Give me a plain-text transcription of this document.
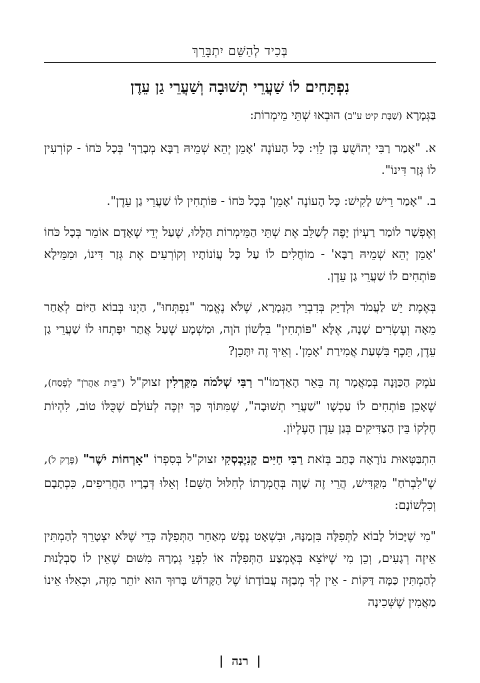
בְּכִיד לְהַשֵּׁם יִתְבָּרֵךְ
נִפְתָּחִים לוֹ שַׁעֲרֵי תְשׁוּבָה וְשַׁעֲרֵי גַן עֵדֶן

בַּגְּמָרָא (שַׁבָּת קיט ע"ב) הוּבְאוּ שְׁתֵּי מֵימְרוֹת:

א. "אָמַר רַבִּי יְהוֹשֻׁעַ בֶּן לֵוִי: כָּל הָעוֹנֶה 'אָמֵן יְהֵא שְׁמֵיהּ רַבָּא מְבָרַךְ' בְּכָל כֹּחוֹ - קוֹרְעִין לוֹ גְּזַר דִּינוֹ".

ב. "אָמַר רֵישׁ לָקִישׁ: כָּל הָעוֹנֶה 'אָמֵן' בְּכָל כֹּחוֹ - פּוֹתְחִין לוֹ שַׁעֲרֵי גַן עֵדֶן".

וְאֶפְשָׁר לוֹמַר רַעְיוֹן יָפֶה לְשַׁלֵּב אֶת שְׁתֵּי הַמֵּימְרוֹת הַלָּלוּ, שֶׁעַל יְדֵי שֶׁאָדָם אוֹמֵר בְּכָל כֹּחוֹ 'אָמֵן יְהֵא שְׁמֵיהּ רַבָּא' - מוֹחֲלִים לוֹ עַל כָּל עֲוֹנוֹתָיו וְקוֹרְעִים אֶת גְּזַר דִּינוֹ, וּמִמֵּילָא פּוֹתְחִים לוֹ שַׁעֲרֵי גַן עֵדֶן.

בְּאֶמֶת יֵשׁ לַעֲמֹד וּלְדַיֵּק בְּדִבְרֵי הַגְּמָרָא, שֶׁלֹּא נֶאֱמַר "נִפְתְּחוּ", הַיְנוּ בְּבוֹא הַיּוֹם לְאַחַר מֵאָה וְעֶשְׂרִים שָׁנָה, אֶלָּא "פּוֹתְחִין" בִּלְשׁוֹן הֹוֶה, וּמַשְׁמָע שֶׁעַל אֲתַר יִפָּתְחוּ לוֹ שַׁעֲרֵי גַן עֵדֶן, תֵּכֶף בִּשְׁעַת אֲמִירַת 'אָמֵן'. וְאֵיךְ זֶה יִתָּכֵן?

עֹמֶק הַכַּוָּנָה בְּמַאֲמָר זֶה בֵּאֵר הָאַדְמוֹ"ר רַבִּי שְׁלֹמֹה מִקַּרְלִין זצוק"ל ("בֵּית אַהֲרֹן" לְפֶסַח), שֶׁאָכֵן פּוֹתְחִים לוֹ עַכְשָׁו "שַׁעֲרֵי תְשׁוּבָה", שֶׁמִּתּוֹךְ כָּךְ יִזְכֶּה לְעוֹלָם שֶׁכֻּלּוֹ טוֹב, לִהְיוֹת חֶלְקוֹ בֵּין הַצַּדִּיקִים בְּגַן עֵדֶן הָעֶלְיוֹן.

הִתְבַּטְּאוּת נוֹרָאָה כָּתַב בְּזֹאת רַבִּי חַיִּים קָנִיֶבְסְקִי זצוק"ל בְּסִפְרוֹ "אָרְחוֹת יֹשֶׁר" (פֶּרֶק ל), שֶׁ"לִבְרֹחַ" מִקַּדִּישׁ, הֲרֵי זֶה שָׁוֶה בְּחֻמְרָתוֹ לְחִלּוּל הַשֵּׁם! וְאֵלּוּ דְּבָרָיו הַחֲרִיפִים, כִּכְתָבָם וְכִלְשׁוֹנָם:

"מִי שֶׁיָּכוֹל לָבוֹא לַתְּפִלָּה בִּזְמַנָּהּ, וּבִשְׁאָט נֶפֶשׁ מְאַחֵר הַתְּפִלָּה כְּדֵי שֶׁלֹּא יִצְטָרֵךְ לְהַמְתִּין אֵיזֶה רְגָעִים, וְכֵן מִי שֶׁיּוֹצֵא בְּאֶמְצַע הַתְּפִלָּה אוֹ לִפְנֵי גְמָרָהּ מִשּׁוּם שֶׁאֵין לוֹ סַבְלָנוּת לְהַמְתִּין כַּמָּה דַּקּוֹת - אֵין לְךָ מְבַזֶּה עֲבוֹדָתוֹ שֶׁל הַקָּדוֹשׁ בָּרוּךְ הוּא יוֹתֵר מִזֶּה, וּכְאִלּוּ אֵינוֹ מַאֲמִין שֶׁשְּׁכִינָה

| רנה |
